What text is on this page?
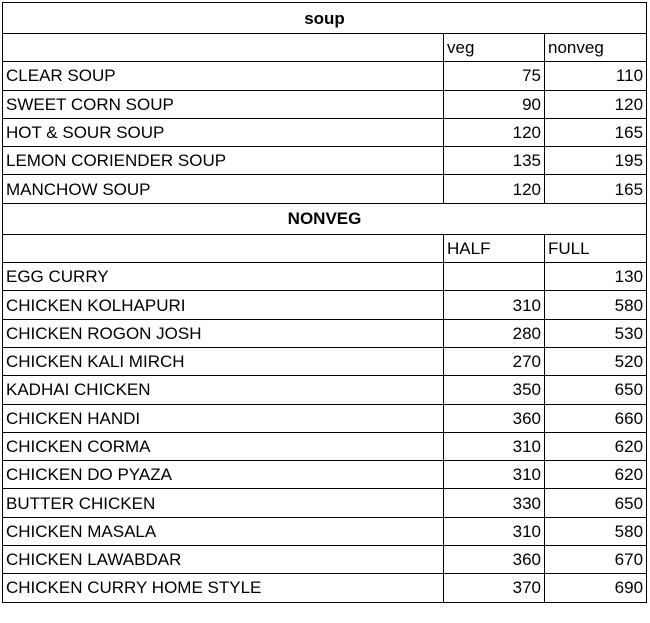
soup		
	veg	nonveg
CLEAR SOUP	75	110
SWEET CORN SOUP	90	120
HOT & SOUR SOUP	120	165
LEMON CORIENDER SOUP	135	195
MANCHOW SOUP	120	165
NONVEG		
	HALF	FULL
EGG CURRY		130
CHICKEN KOLHAPURI	310	580
CHICKEN ROGON JOSH	280	530
CHICKEN KALI MIRCH	270	520
KADHAI CHICKEN	350	650
CHICKEN HANDI	360	660
CHICKEN CORMA	310	620
CHICKEN DO PYAZA	310	620
BUTTER CHICKEN	330	650
CHICKEN MASALA	310	580
CHICKEN LAWABDAR	360	670
CHICKEN CURRY HOME STYLE	370	690
